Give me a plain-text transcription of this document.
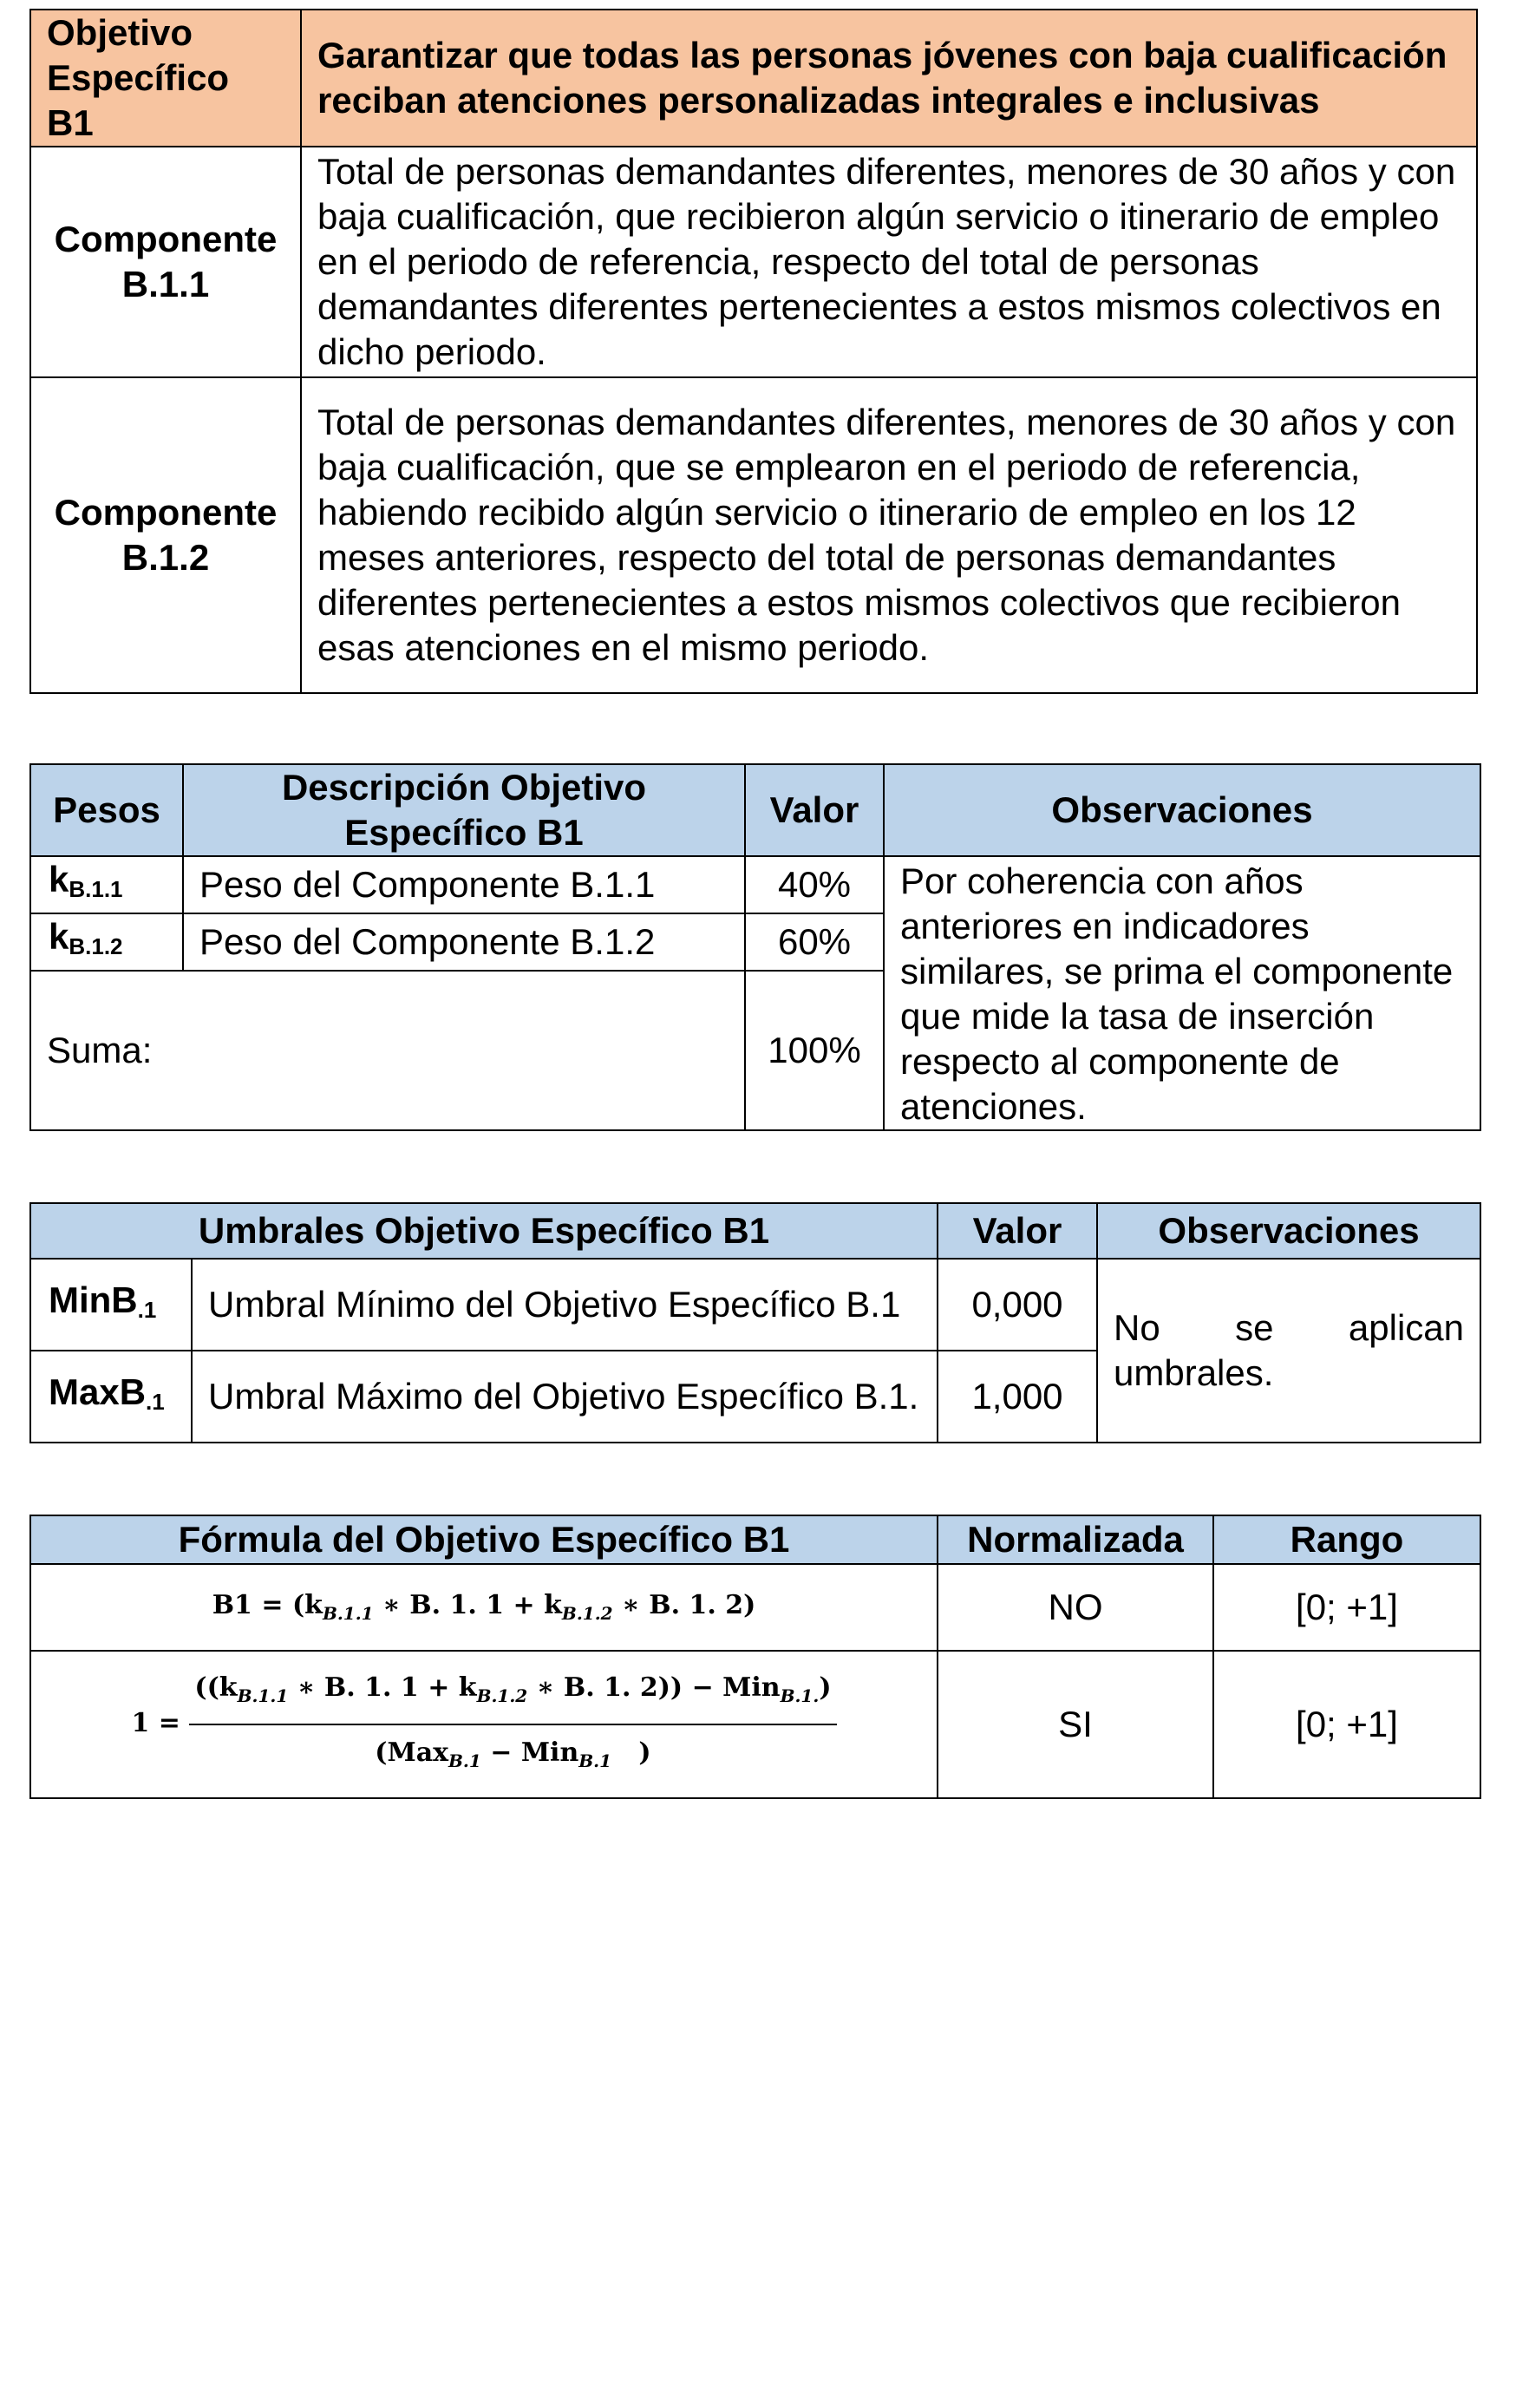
Objetivo Específico B1	Garantizar que todas las personas jóvenes con baja cualificación reciban atenciones personalizadas integrales e inclusivas
Componente B.1.1	Total de personas demandantes diferentes, menores de 30 años y con baja cualificación, que recibieron algún servicio o itinerario de empleo en el periodo de referencia, respecto del total de personas demandantes diferentes pertenecientes a estos mismos colectivos en dicho periodo.
Componente B.1.2	Total de personas demandantes diferentes, menores de 30 años y con baja cualificación, que se emplearon en el periodo de referencia, habiendo recibido algún servicio o itinerario de empleo en los 12 meses anteriores, respecto del total de personas demandantes diferentes pertenecientes a estos mismos colectivos que recibieron esas atenciones en el mismo periodo.
Pesos	Descripción Objetivo Específico B1	Valor	Observaciones
$k_{B.1.1}$	Peso del Componente B.1.1	40%	Por coherencia con años anteriores en indicadores similares, se prima el componente que mide la tasa de inserción respecto al componente de atenciones.
$k_{B.1.2}$	Peso del Componente B.1.2	60%	
Suma:		100%	
Umbrales Objetivo Específico B1		Valor	Observaciones
MinB$_{.1}$	Umbral Mínimo del Objetivo Específico B.1	0,000	No se aplican umbrales.
MaxB$_{.1}$	Umbral Máximo del Objetivo Específico B.1.	1,000	
Fórmula del Objetivo Específico B1	Normalizada	Rango
$B1 = (k_{B.1.1}$ ∗ B. 1. $1 + k_{B.1.2}$ ∗ B. 1. 2)	NO	[0; +1]
$1 = \frac{((k_{B.1.1} ∗ B. 1. 1 + k_{B.1.2} ∗ B. 1. 2)) - Min_{B.1.})}{(Max_{B.1} - Min_{B.1} )}$	SI	[0; +1]
